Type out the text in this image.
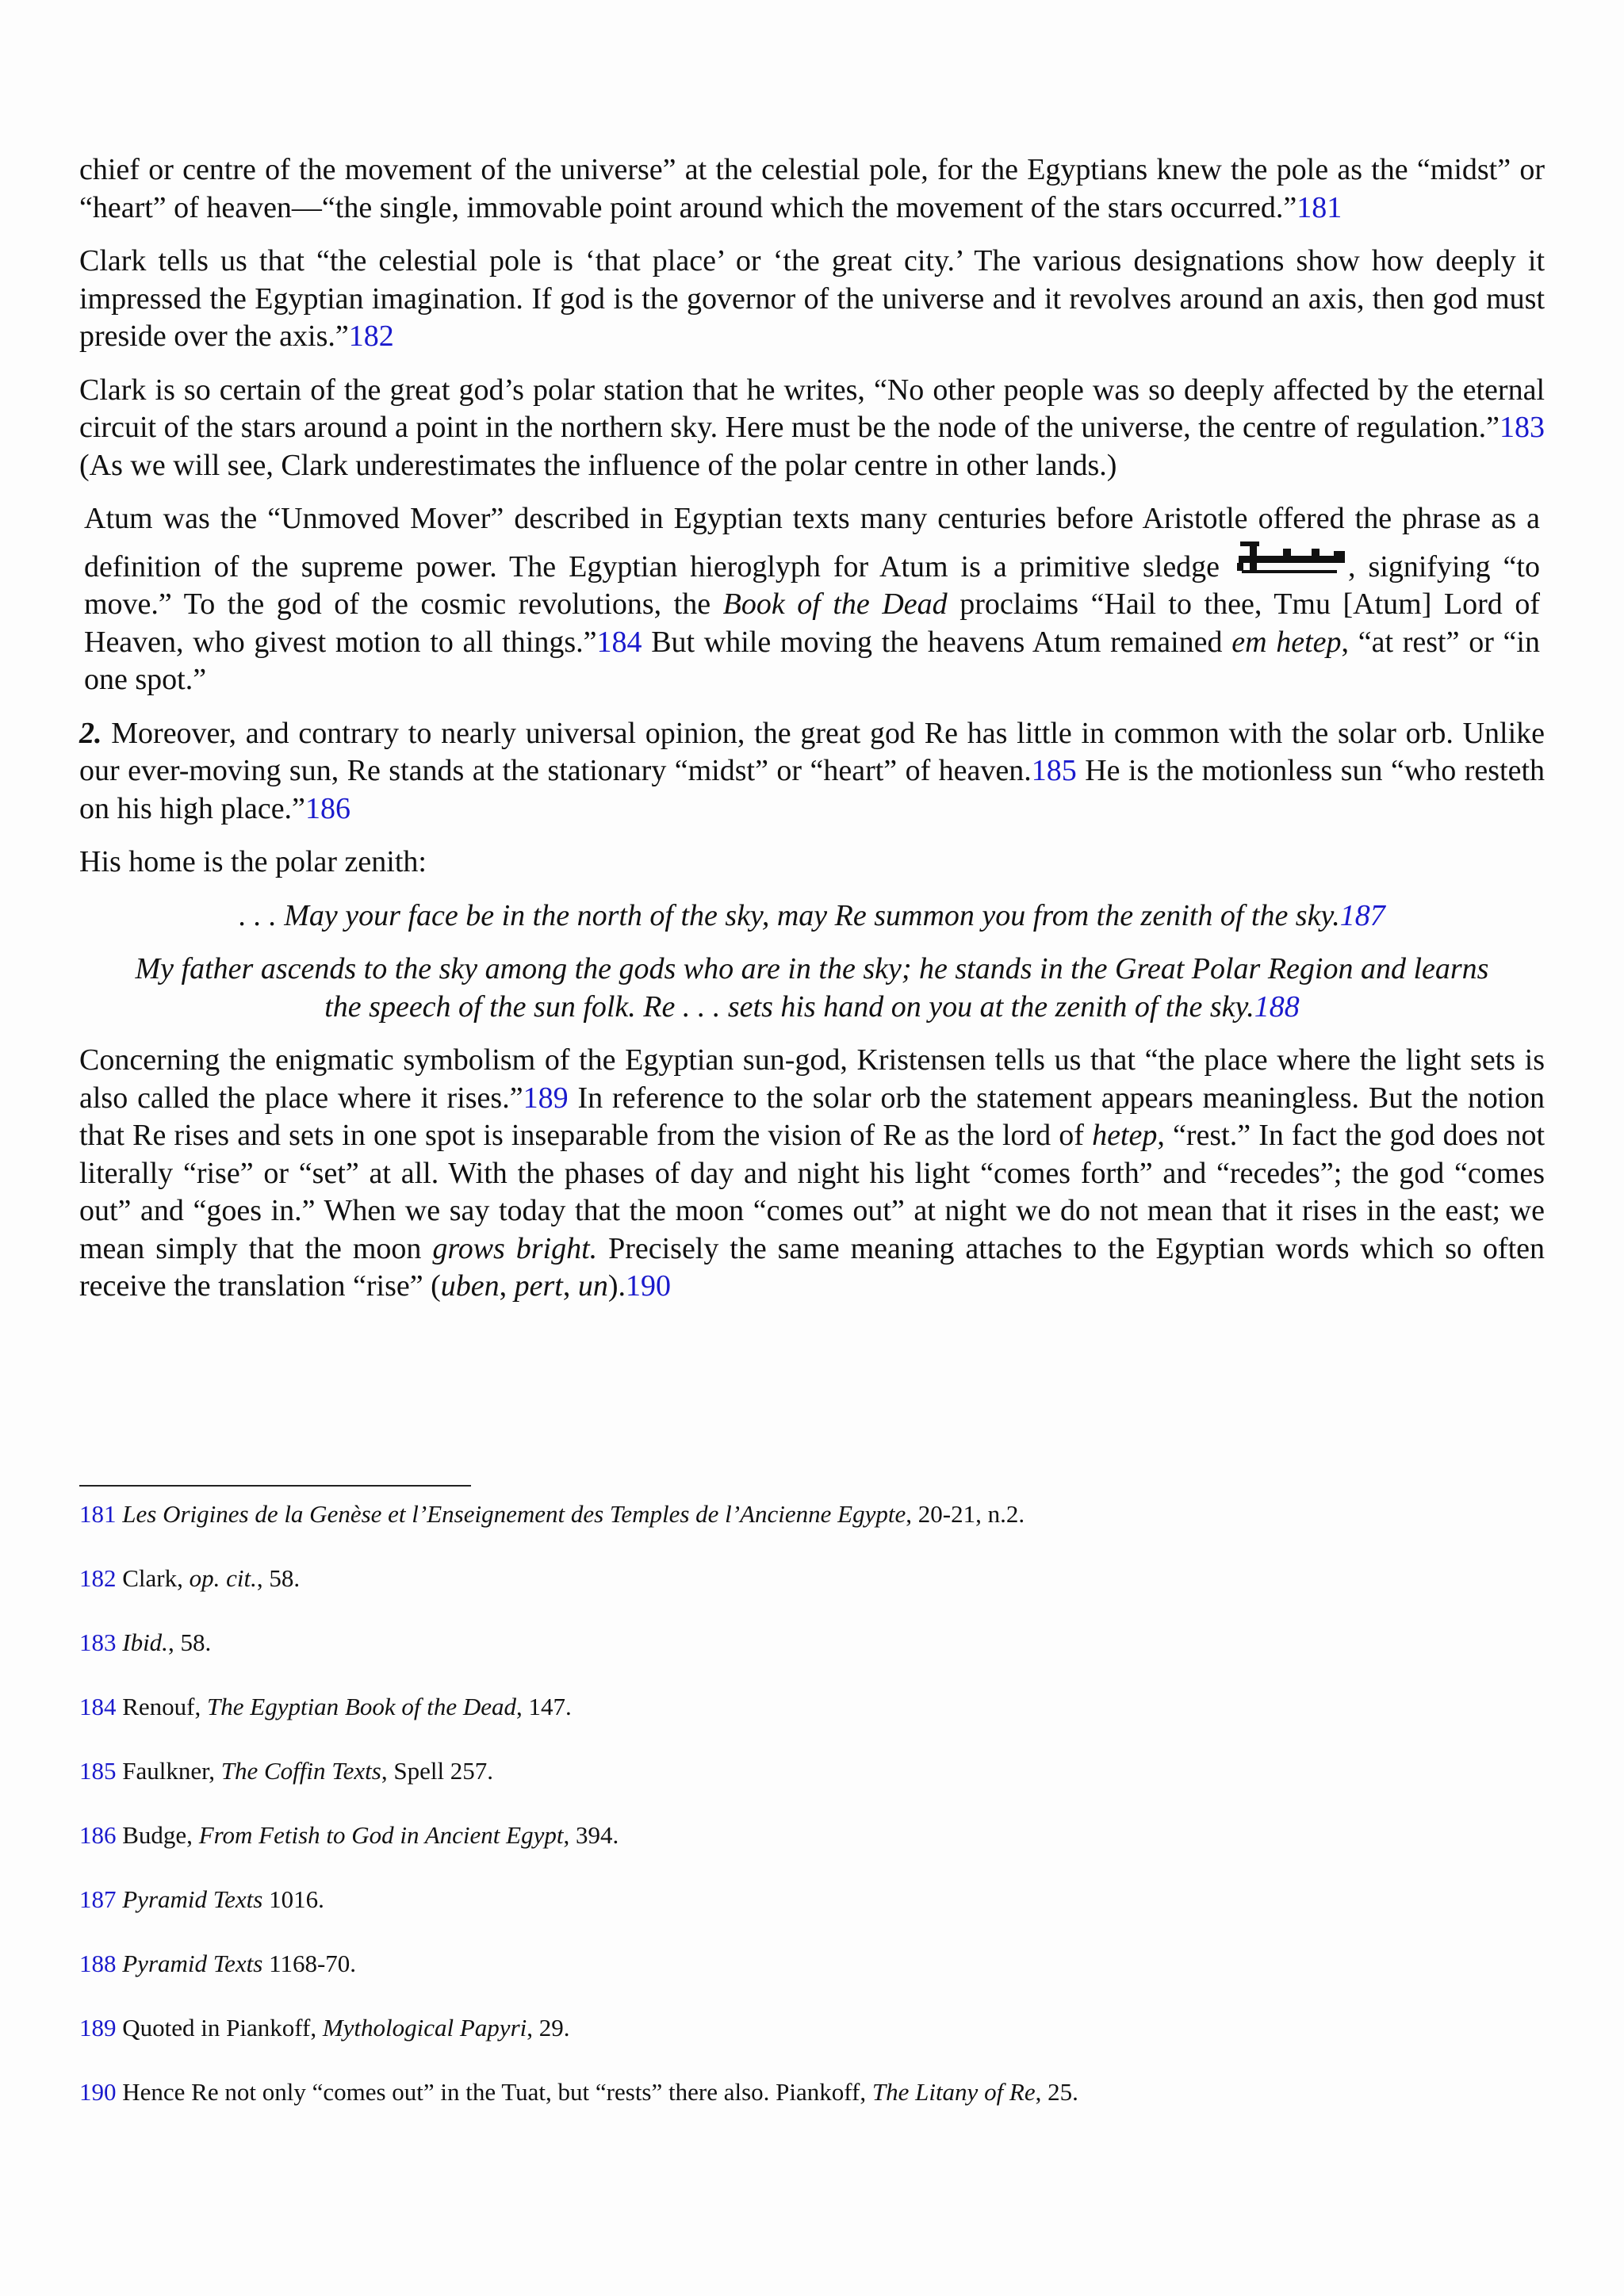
chief or centre of the movement of the universe” at the celestial pole, for the Egyptians knew the pole as the “midst” or “heart” of heaven—“the single, immovable point around which the movement of the stars occurred.”181

Clark tells us that “the celestial pole is ‘that place’ or ‘the great city.’ The various designations show how deeply it impressed the Egyptian imagination. If god is the governor of the universe and it revolves around an axis, then god must preside over the axis.”182

Clark is so certain of the great god’s polar station that he writes, “No other people was so deeply affected by the eternal circuit of the stars around a point in the northern sky. Here must be the node of the universe, the centre of regulation.”183 (As we will see, Clark underestimates the influence of the polar centre in other lands.)

Atum was the “Unmoved Mover” described in Egyptian texts many centuries before Aristotle offered the phrase as a definition of the supreme power. The Egyptian hieroglyph for Atum is a primitive sledge	, signifying “to move.” To the god of the cosmic revolutions, the Book of the Dead proclaims “Hail to thee, Tmu [Atum] Lord of Heaven, who givest motion to all things.”184 But while moving the heavens Atum remained em hetep, “at rest” or “in one spot.”

2. Moreover, and contrary to nearly universal opinion, the great god Re has little in common with the solar orb. Unlike our ever-moving sun, Re stands at the stationary “midst” or “heart” of heaven.185 He is the motionless sun “who resteth on his high place.”186

His home is the polar zenith:

. . . May your face be in the north of the sky, may Re summon you from the zenith of the sky.187

My father ascends to the sky among the gods who are in the sky; he stands in the Great Polar Region and learns the speech of the sun folk. Re . . . sets his hand on you at the zenith of the sky.188

Concerning the enigmatic symbolism of the Egyptian sun-god, Kristensen tells us that “the place where the light sets is also called the place where it rises.”189 In reference to the solar orb the statement appears meaningless. But the notion that Re rises and sets in one spot is inseparable from the vision of Re as the lord of hetep, “rest.” In fact the god does not literally “rise” or “set” at all. With the phases of day and night his light “comes forth” and “recedes”; the god “comes out” and “goes in.” When we say today that the moon “comes out” at night we do not mean that it rises in the east; we mean simply that the moon grows bright. Precisely the same meaning attaches to the Egyptian words which so often receive the translation “rise” (uben, pert, un).190

181 Les Origines de la Genèse et l’Enseignement des Temples de l’Ancienne Egypte, 20-21, n.2.
182 Clark, op. cit., 58.
183 Ibid., 58.
184 Renouf, The Egyptian Book of the Dead, 147.
185 Faulkner, The Coffin Texts, Spell 257.
186 Budge, From Fetish to God in Ancient Egypt, 394.
187 Pyramid Texts 1016.
188 Pyramid Texts 1168-70.
189 Quoted in Piankoff, Mythological Papyri, 29.
190 Hence Re not only “comes out” in the Tuat, but “rests” there also. Piankoff, The Litany of Re, 25.
